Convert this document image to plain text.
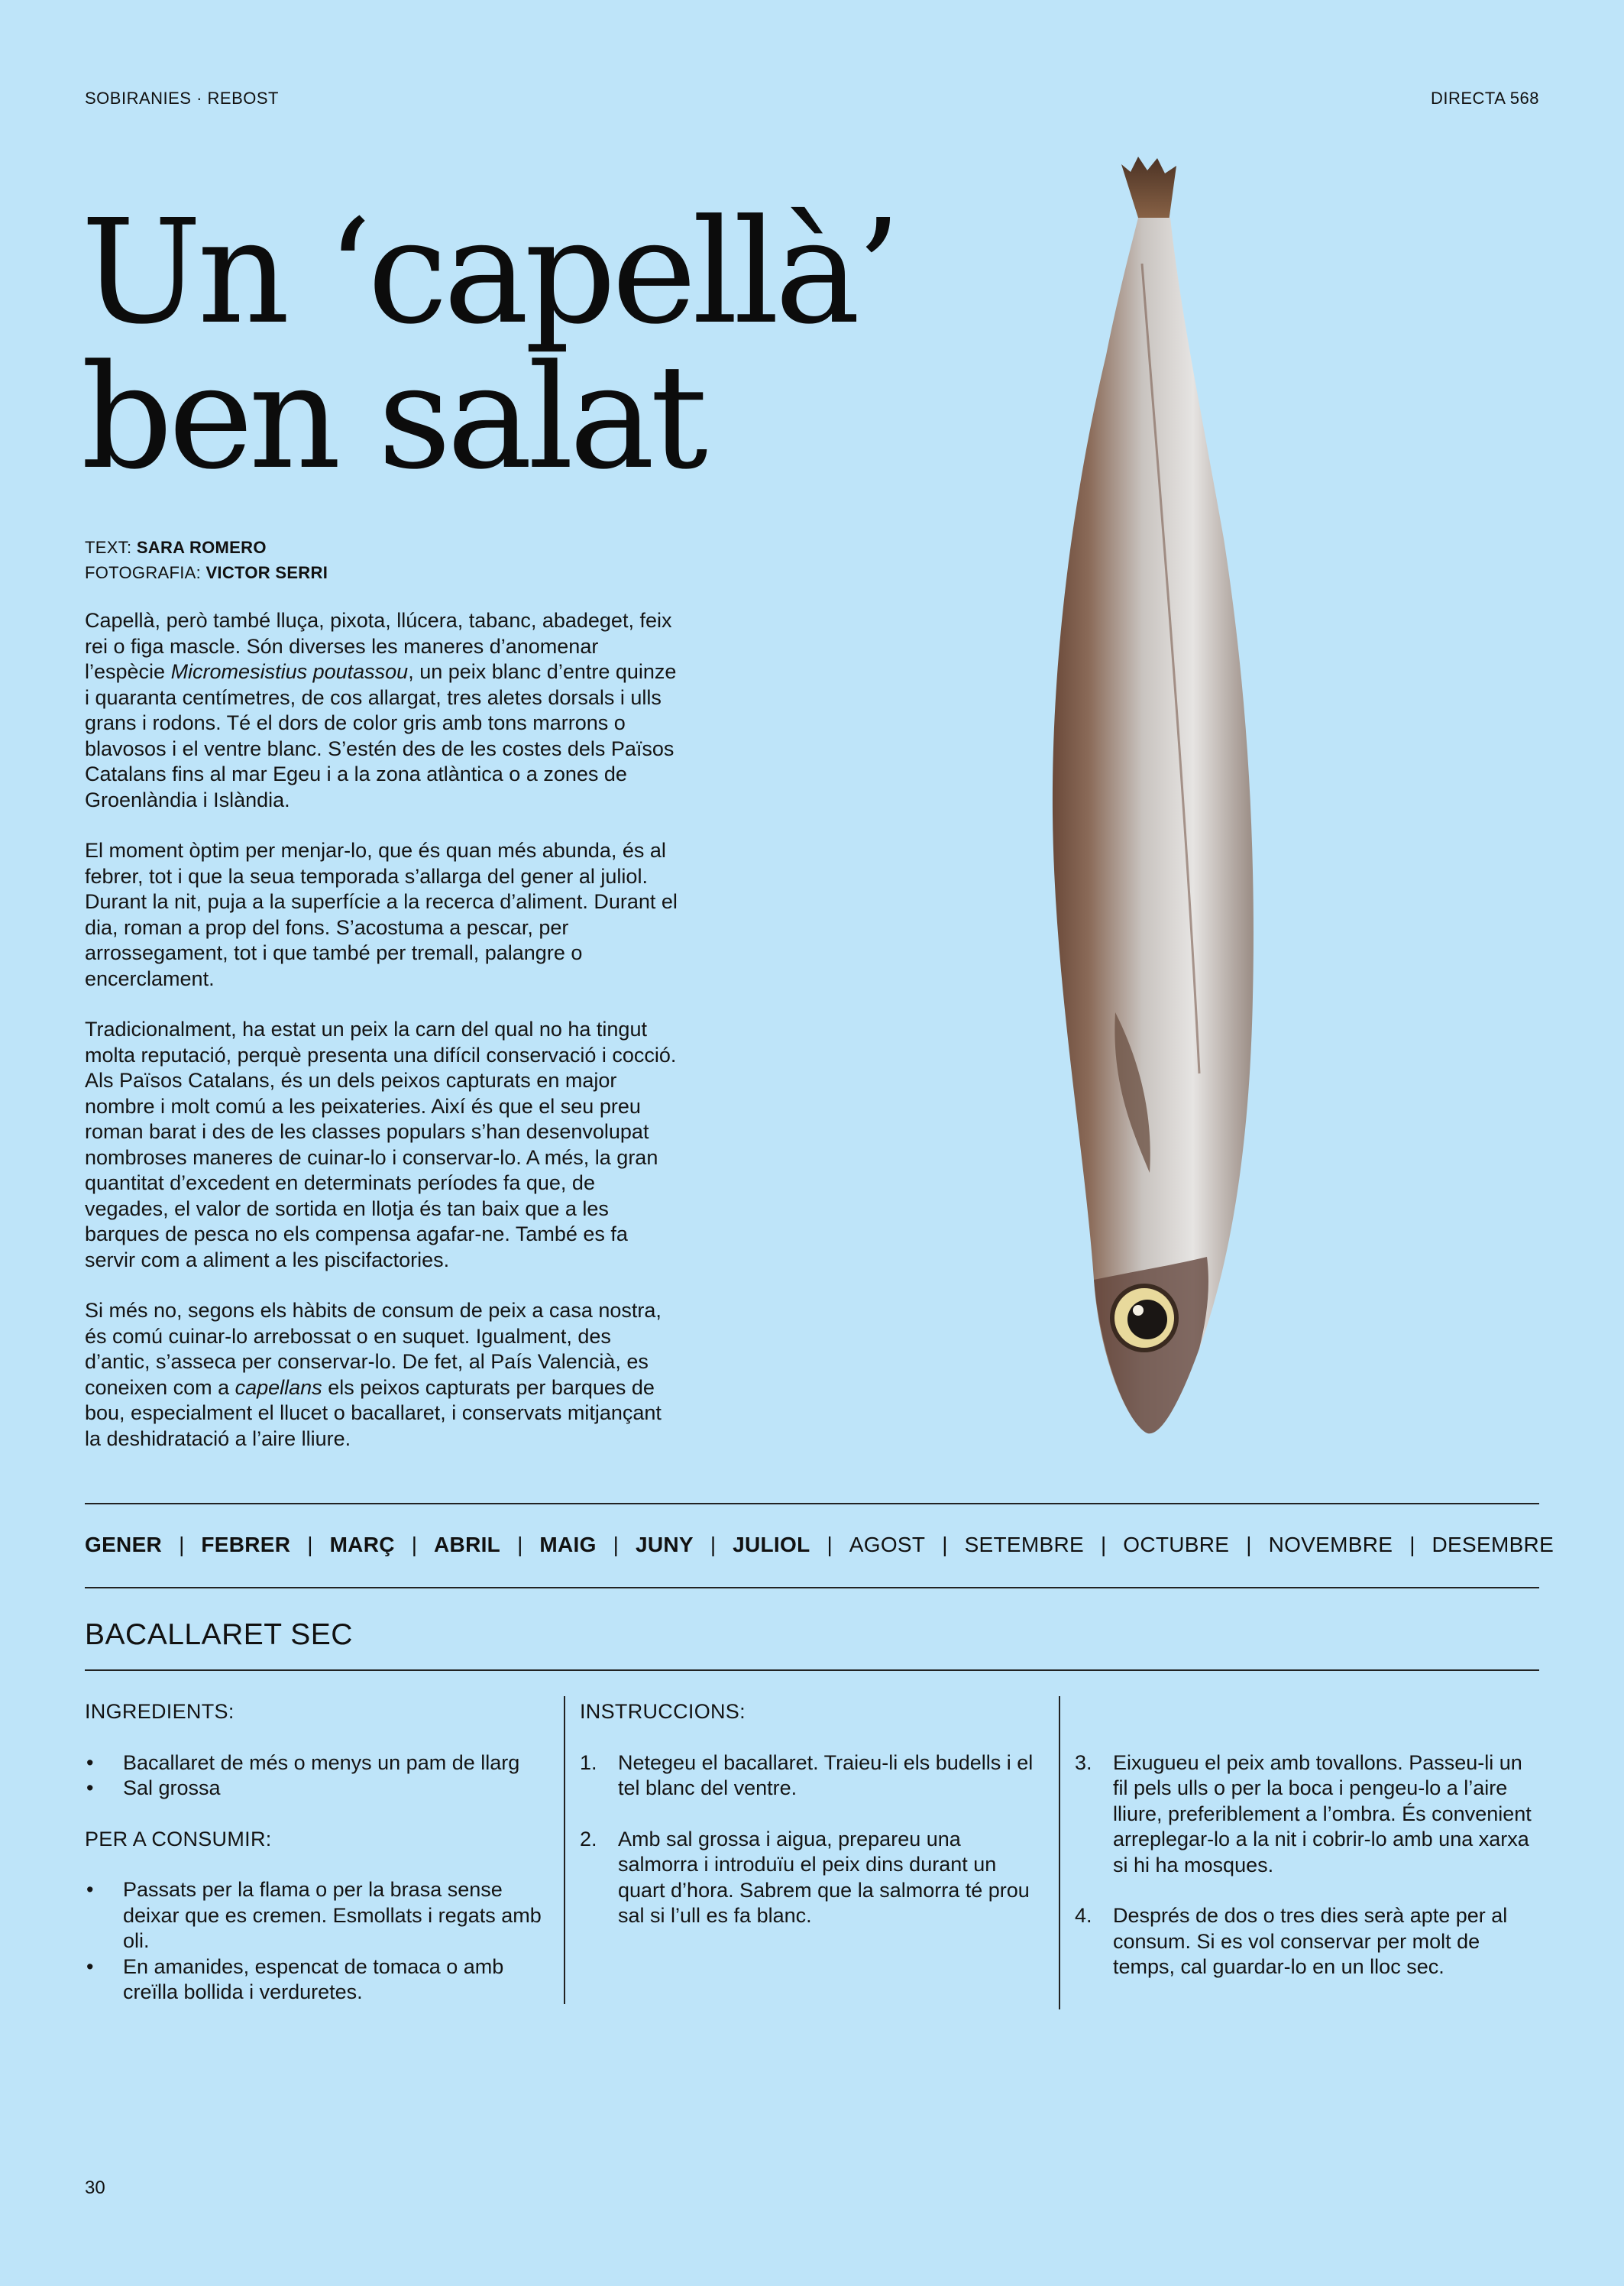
SOBIRANIES · REBOST	DIRECTA 568
Un ‘capellà’
ben salat
TEXT: SARA ROMERO
FOTOGRAFIA: VICTOR SERRI

Capellà, però també lluça, pixota, llúcera, tabanc, abadeget, feix rei o figa mascle. Són diverses les maneres d’anomenar l’espècie Micromesistius poutassou, un peix blanc d’entre quinze i quaranta centímetres, de cos allargat, tres aletes dorsals i ulls grans i rodons. Té el dors de color gris amb tons marrons o blavosos i el ventre blanc. S’estén des de les costes dels Països Catalans fins al mar Egeu i a la zona atlàntica o a zones de Groenlàndia i Islàndia.

El moment òptim per menjar-lo, que és quan més abunda, és al febrer, tot i que la seua temporada s’allarga del gener al juliol. Durant la nit, puja a la superfície a la recerca d’aliment. Durant el dia, roman a prop del fons. S’acostuma a pescar, per arrossegament, tot i que també per tremall, palangre o encerclament.

Tradicionalment, ha estat un peix la carn del qual no ha tingut molta reputació, perquè presenta una difícil conservació i cocció. Als Països Catalans, és un dels peixos capturats en major nombre i molt comú a les peixateries. Així és que el seu preu roman barat i des de les classes populars s’han desenvolupat nombroses maneres de cuinar-lo i conservar-lo. A més, la gran quantitat d’excedent en determinats períodes fa que, de vegades, el valor de sortida en llotja és tan baix que a les barques de pesca no els compensa agafar-ne. També es fa servir com a aliment a les piscifactories.

Si més no, segons els hàbits de consum de peix a casa nostra, és comú cuinar-lo arrebossat o en suquet. Igualment, des d’antic, s’asseca per conservar-lo. De fet, al País Valencià, es coneixen com a capellans els peixos capturats per barques de bou, especialment el llucet o bacallaret, i conservats mitjançant la deshidratació a l’aire lliure.

GENER | FEBRER | MARÇ | ABRIL | MAIG | JUNY | JULIOL | AGOST | SETEMBRE | OCTUBRE | NOVEMBRE | DESEMBRE
BACALLARET SEC
INGREDIENTS:
• Bacallaret de més o menys un pam de llarg
• Sal grossa
PER A CONSUMIR:
• Passats per la flama o per la brasa sense deixar que es cremen. Esmollats i regats amb oli.
• En amanides, espencat de tomaca o amb creïlla bollida i verduretes.
INSTRUCCIONS:
1. Netegeu el bacallaret. Traieu-li els budells i el tel blanc del ventre.
2. Amb sal grossa i aigua, prepareu una salmorra i introduïu el peix dins durant un quart d’hora. Sabrem que la salmorra té prou sal si l’ull es fa blanc.

3. Eixugueu el peix amb tovallons. Passeu-li un fil pels ulls o per la boca i pengeu-lo a l’aire lliure, preferiblement a l’ombra. És convenient arreplegar-lo a la nit i cobrir-lo amb una xarxa si hi ha mosques.
4. Després de dos o tres dies serà apte per al consum. Si es vol conservar per molt de temps, cal guardar-lo en un lloc sec.
30
